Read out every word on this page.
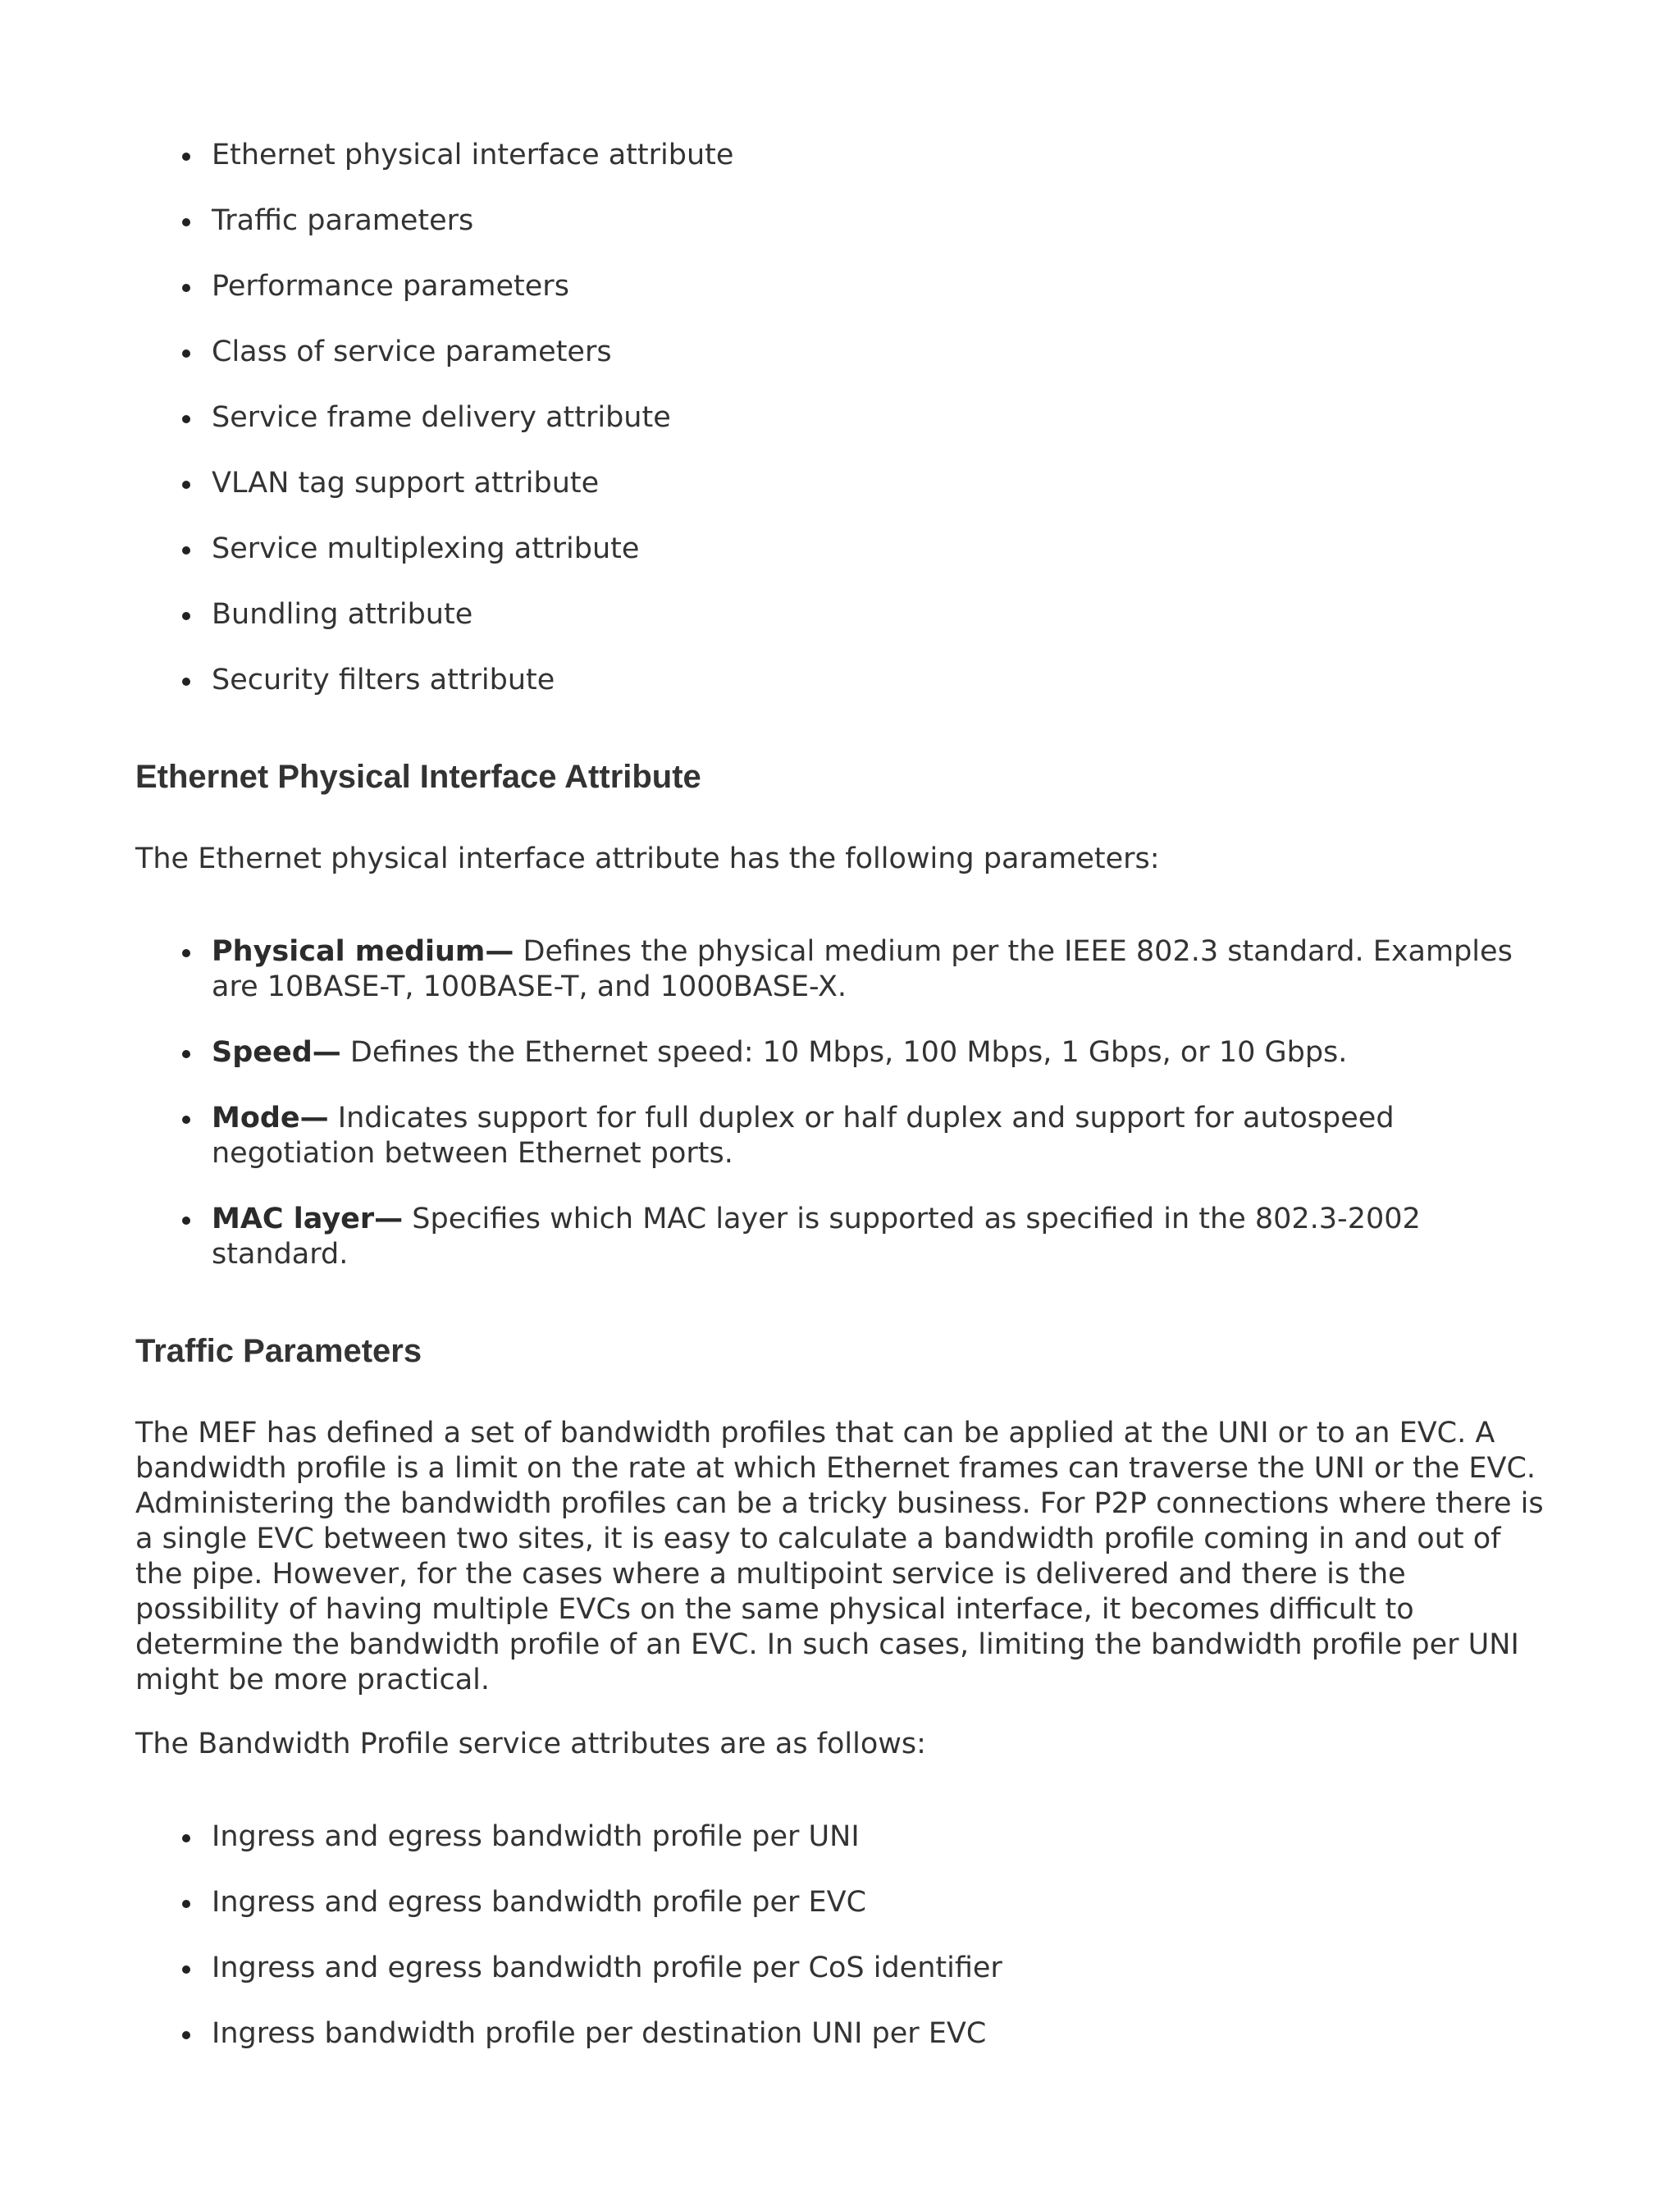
Ethernet physical interface attribute
Traffic parameters
Performance parameters
Class of service parameters
Service frame delivery attribute
VLAN tag support attribute
Service multiplexing attribute
Bundling attribute
Security filters attribute
Ethernet Physical Interface Attribute

The Ethernet physical interface attribute has the following parameters:

Physical medium— Defines the physical medium per the IEEE 802.3 standard. Examples are 10BASE-T, 100BASE-T, and 1000BASE-X.
Speed— Defines the Ethernet speed: 10 Mbps, 100 Mbps, 1 Gbps, or 10 Gbps.
Mode— Indicates support for full duplex or half duplex and support for autospeed negotiation between Ethernet ports.
MAC layer— Specifies which MAC layer is supported as specified in the 802.3-2002 standard.
Traffic Parameters

The MEF has defined a set of bandwidth profiles that can be applied at the UNI or to an EVC. A bandwidth profile is a limit on the rate at which Ethernet frames can traverse the UNI or the EVC. Administering the bandwidth profiles can be a tricky business. For P2P connections where there is a single EVC between two sites, it is easy to calculate a bandwidth profile coming in and out of the pipe. However, for the cases where a multipoint service is delivered and there is the possibility of having multiple EVCs on the same physical interface, it becomes difficult to determine the bandwidth profile of an EVC. In such cases, limiting the bandwidth profile per UNI might be more practical.

The Bandwidth Profile service attributes are as follows:

Ingress and egress bandwidth profile per UNI
Ingress and egress bandwidth profile per EVC
Ingress and egress bandwidth profile per CoS identifier
Ingress bandwidth profile per destination UNI per EVC
